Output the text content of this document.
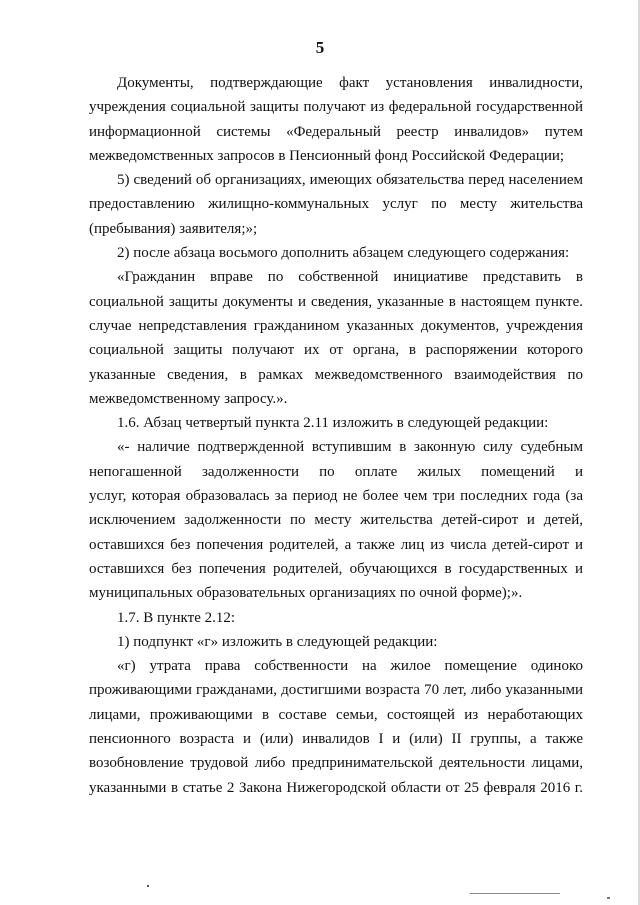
5
Документы, подтверждающие факт установления инвалидности,
учреждения социальной защиты получают из федеральной государственной
информационной системы «Федеральный реестр инвалидов» путем
межведомственных запросов в Пенсионный фонд Российской Федерации;
5) сведений об организациях, имеющих обязательства перед населением
предоставлению жилищно-коммунальных услуг по месту жительства
(пребывания) заявителя;»;
2) после абзаца восьмого дополнить абзацем следующего содержания:
«Гражданин вправе по собственной инициативе представить в
социальной защиты документы и сведения, указанные в настоящем пункте.
случае непредставления гражданином указанных документов, учреждения
социальной защиты получают их от органа, в распоряжении которого
указанные сведения, в рамках межведомственного взаимодействия по
межведомственному запросу.».
1.6. Абзац четвертый пункта 2.11 изложить в следующей редакции:
«- наличие подтвержденной вступившим в законную силу судебным
непогашенной задолженности по оплате жилых помещений и
услуг, которая образовалась за период не более чем три последних года (за
исключением задолженности по месту жительства детей-сирот и детей,
оставшихся без попечения родителей, а также лиц из числа детей-сирот и
оставшихся без попечения родителей, обучающихся в государственных и
муниципальных образовательных организациях по очной форме);».
1.7. В пункте 2.12:
1) подпункт «г» изложить в следующей редакции:
«г) утрата права собственности на жилое помещение одиноко
проживающими гражданами, достигшими возраста 70 лет, либо указанными
лицами, проживающими в составе семьи, состоящей из неработающих
пенсионного возраста и (или) инвалидов I и (или) II группы, а также
возобновление трудовой либо предпринимательской деятельности лицами,
указанными в статье 2 Закона Нижегородской области от 25 февраля 2016 г.
